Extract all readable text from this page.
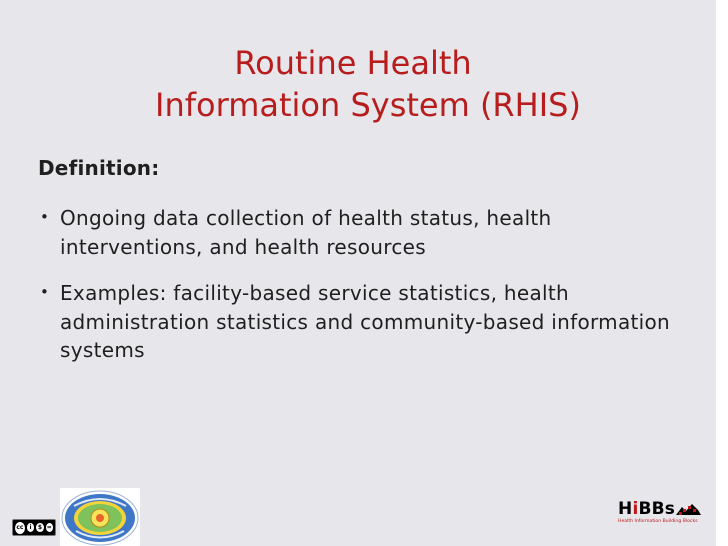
Routine Health
Information System (RHIS)
Definition:
• Ongoing data collection of health status, health interventions, and health resources
• Examples: facility-based service statistics, health administration statistics and community-based information systems
cc	i	$ =
HiBBs
Health Information Building Blocks
